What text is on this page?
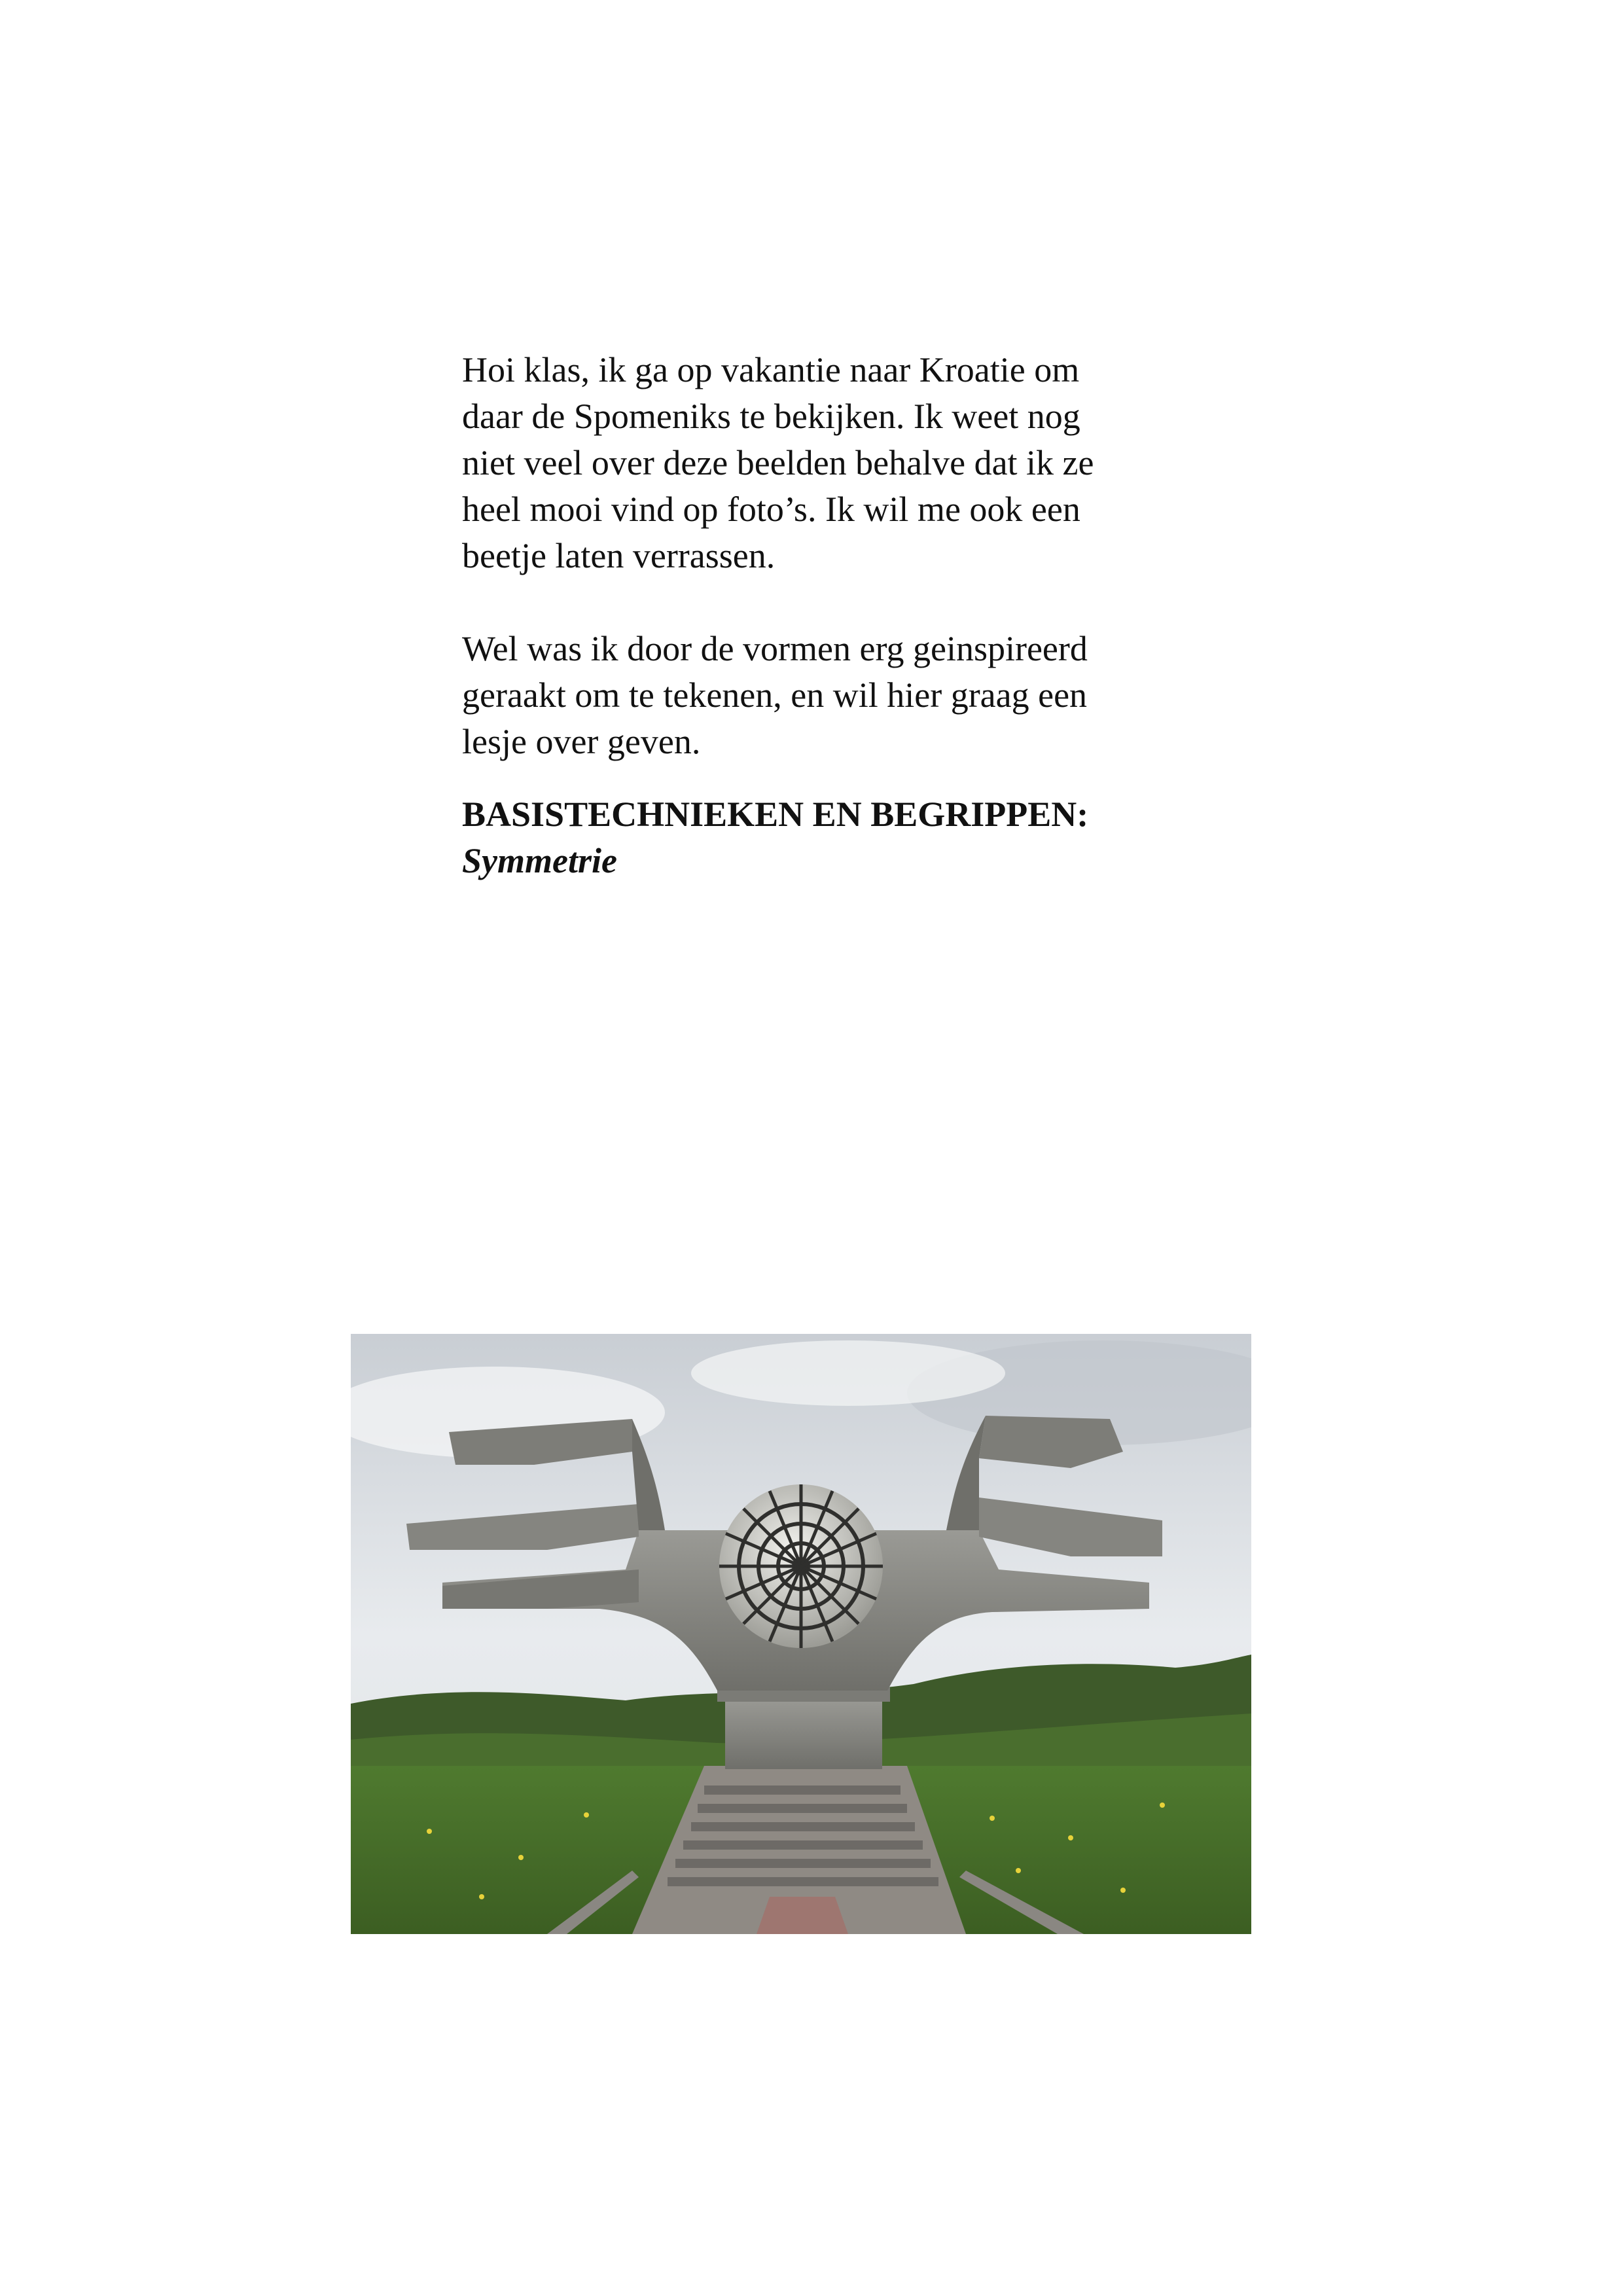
Hoi klas, ik ga op vakantie naar Kroatie om
daar de Spomeniks te bekijken. Ik weet nog
niet veel over deze beelden behalve dat ik ze
heel mooi vind op foto’s. Ik wil me ook een
beetje laten verrassen.

Wel was ik door de vormen erg geinspireerd
geraakt om te tekenen, en wil hier graag een
lesje over geven.

BASISTECHNIEKEN EN BEGRIPPEN:
Symmetrie
